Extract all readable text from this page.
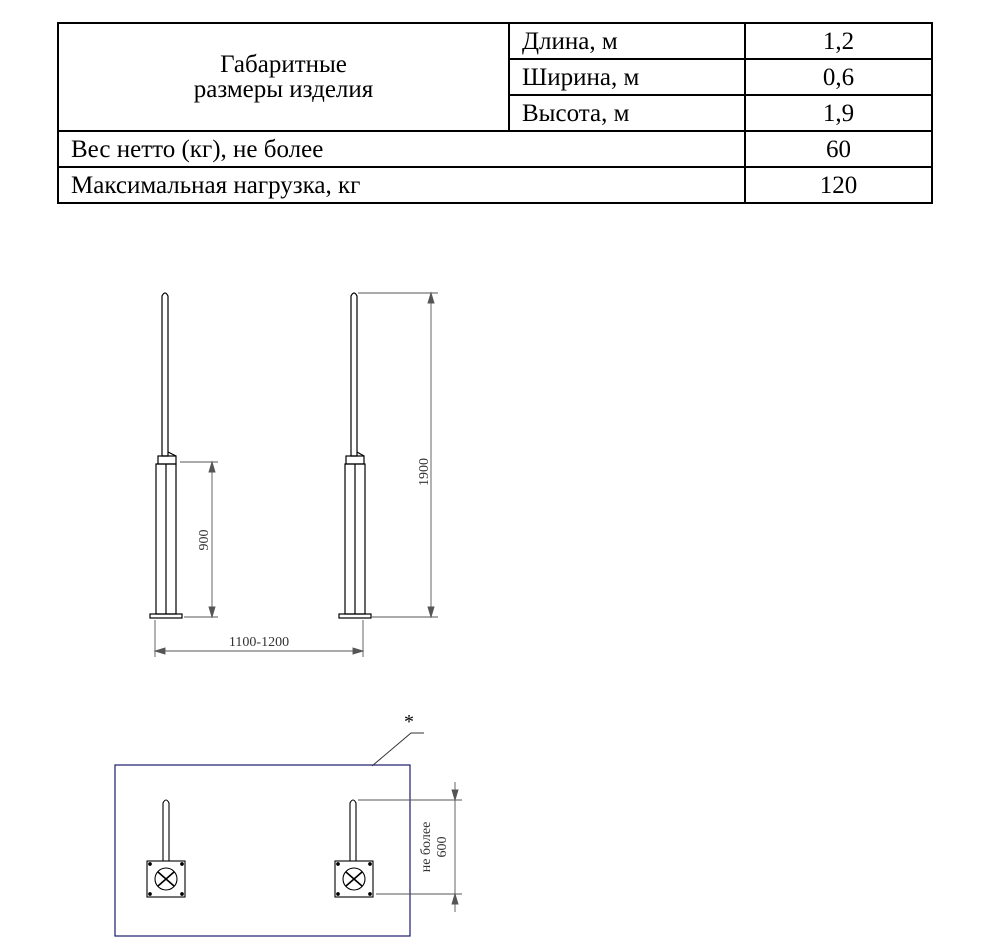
Габаритные
размеры изделия	Длина, м	1,2
	Ширина, м	0,6
	Высота, м	1,9
Вес нетто (кг), не более		60
Максимальная нагрузка, кг		120
1900
900
1100-1200
*
не более 600
